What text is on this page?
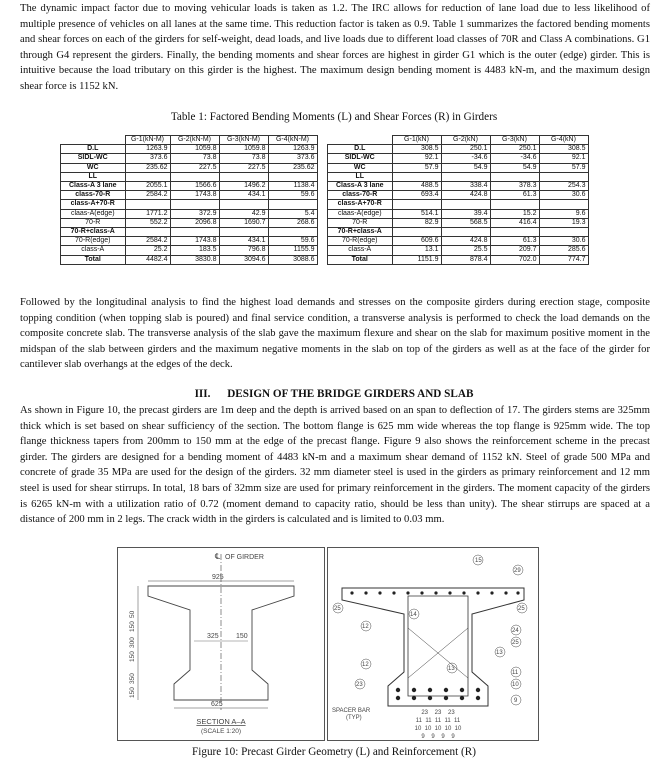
The dynamic impact factor due to moving vehicular loads is taken as 1.2. The IRC allows for reduction of lane load due to less likelihood of multiple presence of vehicles on all lanes at the same time. This reduction factor is taken as 0.9. Table 1 summarizes the factored bending moments and shear forces on each of the girders for self-weight, dead loads, and live loads due to different load classes of 70R and Class A combinations. G1 through G4 represent the girders. Finally, the bending moments and shear forces are highest in girder G1 which is the outer (edge) girder. This is intuitive because the load tributary on this girder is the highest. The maximum design bending moment is 4483 kN-m, and the maximum design shear force is 1152 kN.

Table 1: Factored Bending Moments (L) and Shear Forces (R) in Girders
	G-1(kN-M)	G-2(kN-M)	G-3(kN-M)	G-4(kN-M)
D.L	1263.9	1059.8	1059.8	1263.9
SIDL-WC	373.6	73.8	73.8	373.6
WC	235.62	227.5	227.5	235.62
LL				
Class-A 3 lane	2055.1	1566.6	1496.2	1138.4
class-70-R	2584.2	1743.8	434.1	59.6
class-A+70-R				
claas-A(edge)	1771.2	372.9	42.9	5.4
70-R	552.2	2096.8	1690.7	268.6
70-R+class-A				
70-R(edge)	2584.2	1743.8	434.1	59.6
class-A	25.2	183.5	796.8	1155.9
Total	4482.4	3830.8	3094.6	3088.6
	G-1(kN)	G-2(kN)	G-3(kN)	G-4(kN)
D.L	308.5	250.1	250.1	308.5
SIDL-WC	92.1	-34.6	-34.6	92.1
WC	57.9	54.9	54.9	57.9
LL				
Class-A 3 lane	488.5	338.4	378.3	254.3
class-70-R	693.4	424.8	61.3	30.6
class-A+70-R				
claas-A(edge)	514.1	39.4	15.2	9.6
70-R	82.9	568.5	416.4	19.3
70-R+class-A				
70-R(edge)	609.6	424.8	61.3	30.6
class-A	13.1	25.5	209.7	285.6
Total	1151.9	878.4	702.0	774.7

Followed by the longitudinal analysis to find the highest load demands and stresses on the composite girders during erection stage, composite topping condition (when topping slab is poured) and final service condition, a transverse analysis is performed to check the load demands on the composite concrete slab. The transverse analysis of the slab gave the maximum flexure and shear on the slab for maximum positive moment in the midspan of the slab between girders and the maximum negative moments in the slab on top of the girders as well as at the face of the girder for cantilever slab overhangs at the edges of the deck.

III. DESIGN OF THE BRIDGE GIRDERS AND SLAB

As shown in Figure 10, the precast girders are 1m deep and the depth is arrived based on an span to deflection of 17. The girders stems are 325mm thick which is set based on shear sufficiency of the section. The bottom flange is 625 mm wide whereas the top flange is 925mm wide. The top flange thickness tapers from 200mm to 150 mm at the edge of the precast flange. Figure 9 also shows the reinforcement scheme in the precast girder. The girders are designed for a bending moment of 4483 kN-m and a maximum shear demand of 1152 kN. Steel of grade 500 MPa and concrete of grade 35 MPa are used for the design of the girders. 32 mm diameter steel is used in the girders as primary reinforcement and 12 mm steel is used for shear stirrups. In total, 18 bars of 32mm size are used for primary reinforcement in the girders. The moment capacity of the girders is 6265 kN-m with a utilization ratio of 0.72 (moment demand to capacity ratio, should be less than unity). The shear stirrups are spaced at a distance of 200 mm in 2 legs. The crack width in the girders is calculated and is limited to 0.03 mm.

OF GIRDER
℄
925
325 150
625
50
150
300
150
350
150
SECTION A–A
(SCALE 1:20)
15
29
25
14
25
24
25
12
13
12
13
11
10
9
23
SPACER BAR
(TYP)
23    23    23
11  11  11  11  11
10  10  10  10  10
9    9    9    9
Figure 10: Precast Girder Geometry (L) and Reinforcement (R)
